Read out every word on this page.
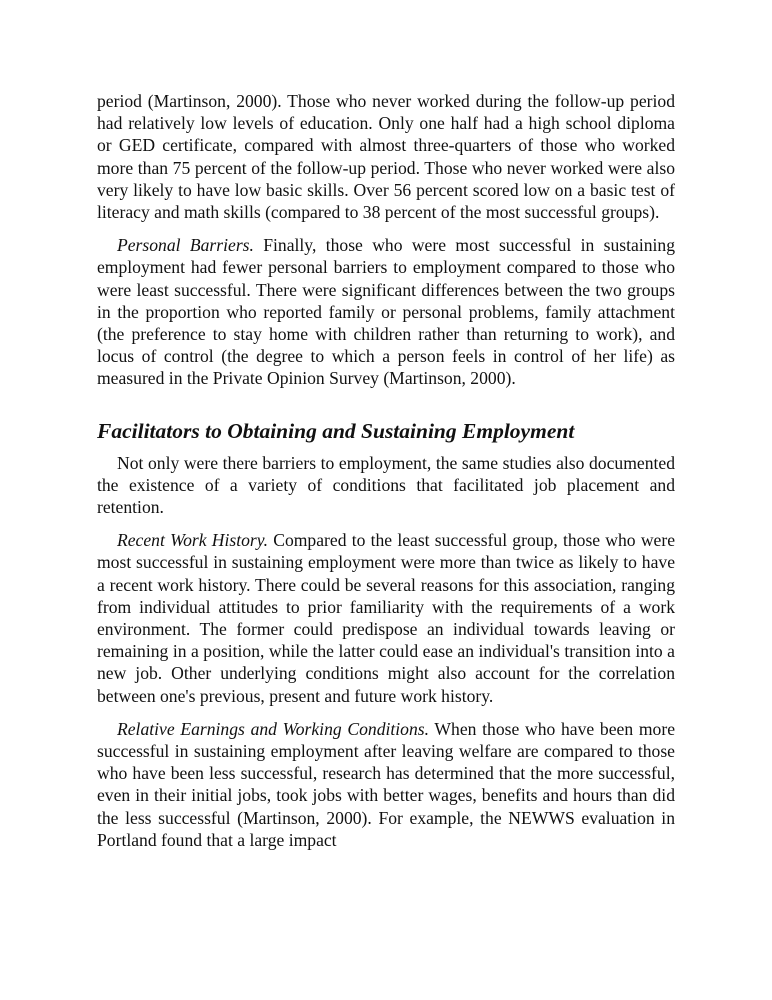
period (Martinson, 2000). Those who never worked during the follow-up period had relatively low levels of education. Only one half had a high school diploma or GED certificate, compared with almost three-quarters of those who worked more than 75 percent of the follow-up period. Those who never worked were also very likely to have low basic skills. Over 56 percent scored low on a basic test of literacy and math skills (compared to 38 percent of the most successful groups).

Personal Barriers. Finally, those who were most successful in sustaining employment had fewer personal barriers to employment compared to those who were least successful. There were significant differences between the two groups in the proportion who reported family or personal problems, family attachment (the preference to stay home with children rather than returning to work), and locus of control (the degree to which a person feels in control of her life) as measured in the Private Opinion Survey (Martinson, 2000).

Facilitators to Obtaining and Sustaining Employment

Not only were there barriers to employment, the same studies also documented the existence of a variety of conditions that facilitated job placement and retention.

Recent Work History. Compared to the least successful group, those who were most successful in sustaining employment were more than twice as likely to have a recent work history. There could be several reasons for this association, ranging from individual attitudes to prior familiarity with the requirements of a work environment. The former could predispose an individual towards leaving or remaining in a position, while the latter could ease an individual's transition into a new job. Other underlying conditions might also account for the correlation between one's previous, present and future work history.

Relative Earnings and Working Conditions. When those who have been more successful in sustaining employment after leaving welfare are compared to those who have been less successful, research has determined that the more successful, even in their initial jobs, took jobs with better wages, benefits and hours than did the less successful (Martinson, 2000). For example, the NEWWS evaluation in Portland found that a large impact
